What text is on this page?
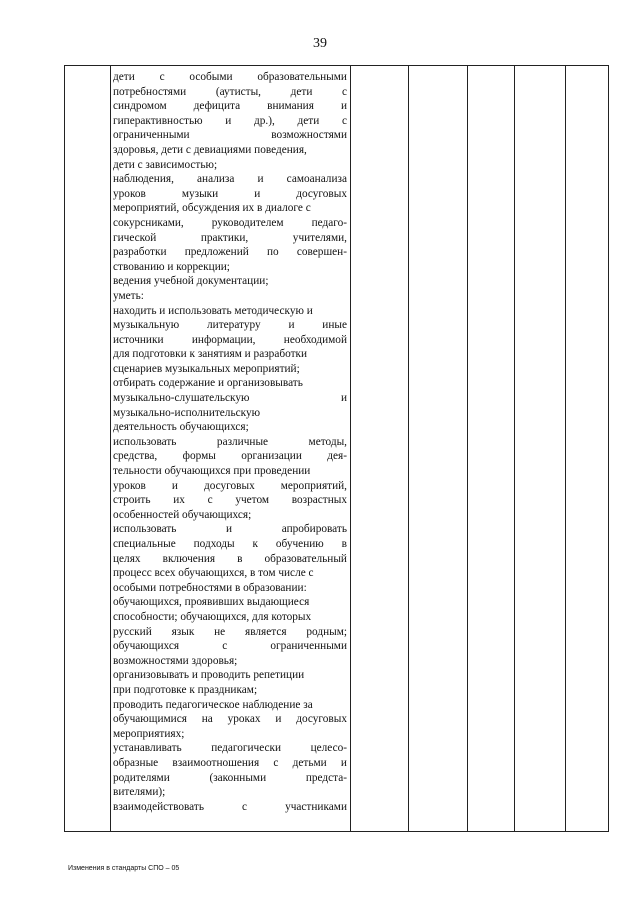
39

дети с особыми образовательными
потребностями	(аутисты,	дети	с
синдромом дефицита внимания и
гиперактивностью и др.), дети с
ограниченными	возможностями
здоровья, дети с девиациями поведения,
дети с зависимостью;
наблюдения, анализа и самоанализа
уроков	музыки	и	досуговых
мероприятий, обсуждения их в диалоге с
сокурсниками, руководителем педаго-
гической	практики,	учителями,
разработки предложений по совершен-
ствованию и коррекции;
ведения учебной документации;
уметь:
находить и использовать методическую и
музыкальную литературу и иные
источники	информации,	необходимой
для подготовки к занятиям и разработки
сценариев музыкальных мероприятий;
отбирать содержание и организовывать
музыкально-слушательскую	и
музыкально-исполнительскую
деятельность обучающихся;
использовать	различные	методы,
средства, формы организации дея-
тельности обучающихся при проведении
уроков и досуговых мероприятий,
строить их с учетом возрастных
особенностей обучающихся;
использовать	и	апробировать
специальные подходы к обучению в
целях включения в образовательный
процесс всех обучающихся, в том числе с
особыми потребностями в образовании:
обучающихся, проявивших выдающиеся
способности; обучающихся, для которых
русский язык не является родным;
обучающихся	с	ограниченными
возможностями здоровья;
организовывать и проводить репетиции
при подготовке к праздникам;
проводить педагогическое наблюдение за
обучающимися на уроках и досуговых
мероприятиях;
устанавливать	педагогически	целесо-
образные взаимоотношения с детьми и
родителями	(законными	предста-
вителями);
взаимодействовать	с	участниками

Изменения в стандарты СПО – 05
